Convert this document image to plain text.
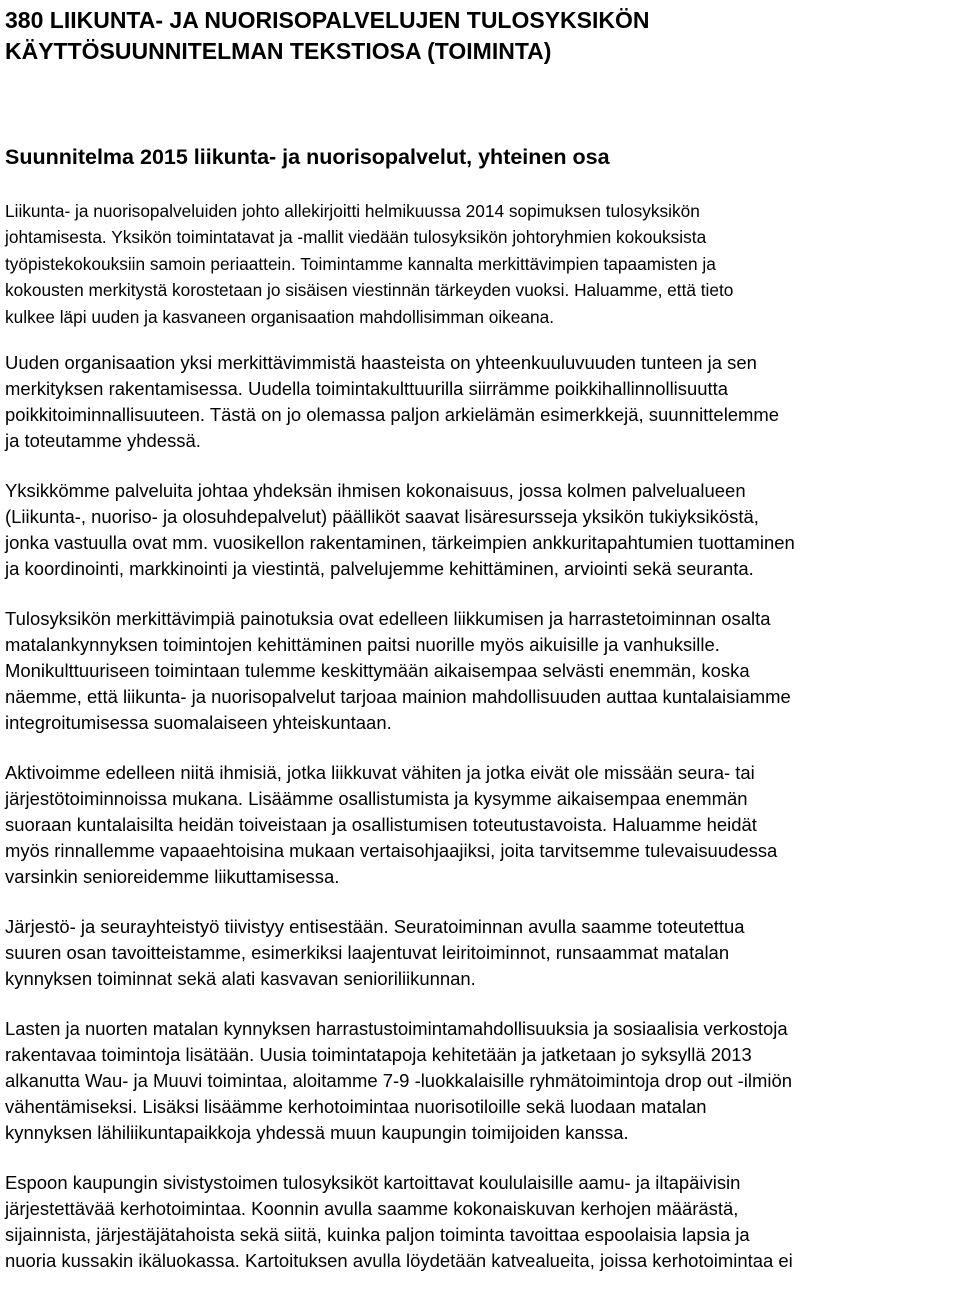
380 LIIKUNTA- JA NUORISOPALVELUJEN TULOSYKSIKÖN
KÄYTTÖSUUNNITELMAN TEKSTIOSA (TOIMINTA)
Suunnitelma 2015 liikunta- ja nuorisopalvelut, yhteinen osa

Liikunta- ja nuorisopalveluiden johto allekirjoitti helmikuussa 2014 sopimuksen tulosyksikön
johtamisesta. Yksikön toimintatavat ja -mallit viedään tulosyksikön johtoryhmien kokouksista
työpistekokouksiin samoin periaattein. Toimintamme kannalta merkittävimpien tapaamisten ja
kokousten merkitystä korostetaan jo sisäisen viestinnän tärkeyden vuoksi. Haluamme, että tieto
kulkee läpi uuden ja kasvaneen organisaation mahdollisimman oikeana.

Uuden organisaation yksi merkittävimmistä haasteista on yhteenkuuluvuuden tunteen ja sen
merkityksen rakentamisessa. Uudella toimintakulttuurilla siirrämme poikkihallinnollisuutta
poikkitoiminnallisuuteen. Tästä on jo olemassa paljon arkielämän esimerkkejä, suunnittelemme
ja toteutamme yhdessä.

Yksikkömme palveluita johtaa yhdeksän ihmisen kokonaisuus, jossa kolmen palvelualueen
(Liikunta-, nuoriso- ja olosuhdepalvelut) päälliköt saavat lisäresursseja yksikön tukiyksiköstä,
jonka vastuulla ovat mm. vuosikellon rakentaminen, tärkeimpien ankkuritapahtumien tuottaminen
ja koordinointi, markkinointi ja viestintä, palvelujemme kehittäminen, arviointi sekä seuranta.

Tulosyksikön merkittävimpiä painotuksia ovat edelleen liikkumisen ja harrastetoiminnan osalta
matalankynnyksen toimintojen kehittäminen paitsi nuorille myös aikuisille ja vanhuksille.
Monikulttuuriseen toimintaan tulemme keskittymään aikaisempaa selvästi enemmän, koska
näemme, että liikunta- ja nuorisopalvelut tarjoaa mainion mahdollisuuden auttaa kuntalaisiamme
integroitumisessa suomalaiseen yhteiskuntaan.

Aktivoimme edelleen niitä ihmisiä, jotka liikkuvat vähiten ja jotka eivät ole missään seura- tai
järjestötoiminnoissa mukana. Lisäämme osallistumista ja kysymme aikaisempaa enemmän
suoraan kuntalaisilta heidän toiveistaan ja osallistumisen toteutustavoista. Haluamme heidät
myös rinnallemme vapaaehtoisina mukaan vertaisohjaajiksi, joita tarvitsemme tulevaisuudessa
varsinkin senioreidemme liikuttamisessa.

Järjestö- ja seurayhteistyö tiivistyy entisestään. Seuratoiminnan avulla saamme toteutettua
suuren osan tavoitteistamme, esimerkiksi laajentuvat leiritoiminnot, runsaammat matalan
kynnyksen toiminnat sekä alati kasvavan senioriliikunnan.

Lasten ja nuorten matalan kynnyksen harrastustoimintamahdollisuuksia ja sosiaalisia verkostoja
rakentavaa toimintoja lisätään. Uusia toimintatapoja kehitetään ja jatketaan jo syksyllä 2013
alkanutta Wau- ja Muuvi toimintaa, aloitamme 7-9 -luokkalaisille ryhmätoimintoja drop out -ilmiön
vähentämiseksi. Lisäksi lisäämme kerhotoimintaa nuorisotiloille sekä luodaan matalan
kynnyksen lähiliikuntapaikkoja yhdessä muun kaupungin toimijoiden kanssa.

Espoon kaupungin sivistystoimen tulosyksiköt kartoittavat koululaisille aamu- ja iltapäivisin
järjestettävää kerhotoimintaa. Koonnin avulla saamme kokonaiskuvan kerhojen määrästä,
sijainnista, järjestäjätahoista sekä siitä, kuinka paljon toiminta tavoittaa espoolaisia lapsia ja
nuoria kussakin ikäluokassa. Kartoituksen avulla löydetään katvealueita, joissa kerhotoimintaa ei
